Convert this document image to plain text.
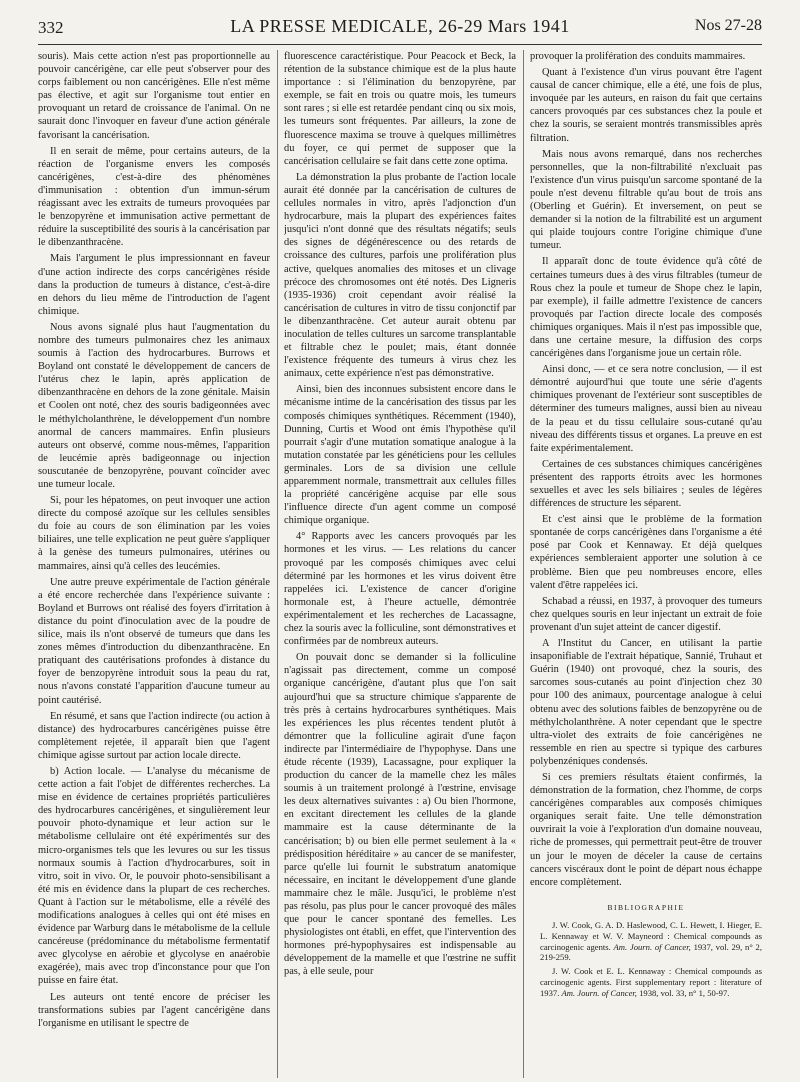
332	LA PRESSE MEDICALE, 26-29 Mars 1941	Nos 27-28

souris). Mais cette action n'est pas proportionnelle au pouvoir cancérigène, car elle peut s'observer pour des corps faiblement ou non cancérigènes. Elle n'est même pas élective, et agit sur l'organisme tout entier en provoquant un retard de croissance de l'animal. On ne saurait donc l'invoquer en faveur d'une action générale favorisant la cancérisation.

Il en serait de même, pour certains auteurs, de la réaction de l'organisme envers les composés cancérigènes, c'est-à-dire des phénomènes d'immunisation : obtention d'un immun-sérum réagissant avec les extraits de tumeurs provoquées par le benzopyrène et immunisation active permettant de réduire la susceptibilité des souris à la cancérisation par le dibenzanthracène.

Mais l'argument le plus impressionnant en faveur d'une action indirecte des corps cancérigènes réside dans la production de tumeurs à distance, c'est-à-dire en dehors du lieu même de l'introduction de l'agent chimique.

Nous avons signalé plus haut l'augmentation du nombre des tumeurs pulmonaires chez les animaux soumis à l'action des hydrocarbures. Burrows et Boyland ont constaté le développement de cancers de l'utérus chez le lapin, après application de dibenzanthracène en dehors de la zone génitale. Maisin et Coolen ont noté, chez des souris badigeonnées avec le méthylcholanthrène, le développement d'un nombre anormal de cancers mammaires. Enfin plusieurs auteurs ont observé, comme nous-mêmes, l'apparition de leucémie après badigeonnage ou injection souscutanée de benzopyrène, pouvant coïncider avec une tumeur locale.

Si, pour les hépatomes, on peut invoquer une action directe du composé azoïque sur les cellules sensibles du foie au cours de son élimination par les voies biliaires, une telle explication ne peut guère s'appliquer à la genèse des tumeurs pulmonaires, utérines ou mammaires, ainsi qu'à celles des leucémies.

Une autre preuve expérimentale de l'action générale a été encore recherchée dans l'expérience suivante : Boyland et Burrows ont réalisé des foyers d'irritation à distance du point d'inoculation avec de la poudre de silice, mais ils n'ont observé de tumeurs que dans les zones mêmes d'introduction du dibenzanthracène. En pratiquant des cautérisations profondes à distance du foyer de benzopyrène introduit sous la peau du rat, nous n'avons constaté l'apparition d'aucune tumeur au point cautérisé.

En résumé, et sans que l'action indirecte (ou action à distance) des hydrocarbures cancérigènes puisse être complètement rejetée, il apparaît bien que l'agent chimique agisse surtout par action locale directe.

b) Action locale. — L'analyse du mécanisme de cette action a fait l'objet de différentes recherches. La mise en évidence de certaines propriétés particulières des hydrocarbures cancérigènes, et singulièrement leur pouvoir photo-dynamique et leur action sur le métabolisme cellulaire ont été expérimentés sur des micro-organismes tels que les levures ou sur les tissus normaux soumis à l'action d'hydrocarbures, soit in vitro, soit in vivo. Or, le pouvoir photo-sensibilisant a été mis en évidence dans la plupart de ces recherches. Quant à l'action sur le métabolisme, elle a révélé des modifications analogues à celles qui ont été mises en évidence par Warburg dans le métabolisme de la cellule cancéreuse (prédominance du métabolisme fermentatif avec glycolyse en aérobie et glycolyse en anaérobie exagérée), mais avec trop d'inconstance pour que l'on puisse en faire état.

Les auteurs ont tenté encore de préciser les transformations subies par l'agent cancérigène dans l'organisme en utilisant le spectre de

fluorescence caractéristique. Pour Peacock et Beck, la rétention de la substance chimique est de la plus haute importance : si l'élimination du benzopyrène, par exemple, se fait en trois ou quatre mois, les tumeurs sont rares ; si elle est retardée pendant cinq ou six mois, les tumeurs sont fréquentes. Par ailleurs, la zone de fluorescence maxima se trouve à quelques millimètres du foyer, ce qui permet de supposer que la cancérisation cellulaire se fait dans cette zone optima.

La démonstration la plus probante de l'action locale aurait été donnée par la cancérisation de cultures de cellules normales in vitro, après l'adjonction d'un hydrocarbure, mais la plupart des expériences faites jusqu'ici n'ont donné que des résultats négatifs; seuls des signes de dégénérescence ou des retards de croissance des cultures, parfois une prolifération plus active, quelques anomalies des mitoses et un clivage précoce des chromosomes ont été notés. Des Ligneris (1935-1936) croit cependant avoir réalisé la cancérisation de cultures in vitro de tissu conjonctif par le dibenzanthracène. Cet auteur aurait obtenu par inoculation de telles cultures un sarcome transplantable et filtrable chez le poulet; mais, étant donnée l'existence fréquente des tumeurs à virus chez les animaux, cette expérience n'est pas démonstrative.

Ainsi, bien des inconnues subsistent encore dans le mécanisme intime de la cancérisation des tissus par les composés chimiques synthétiques. Récemment (1940), Dunning, Curtis et Wood ont émis l'hypothèse qu'il pourrait s'agir d'une mutation somatique analogue à la mutation constatée par les généticiens pour les cellules germinales. Lors de sa division une cellule apparemment normale, transmettrait aux cellules filles la propriété cancérigène acquise par elle sous l'influence directe d'un agent comme un composé chimique organique.

4° Rapports avec les cancers provoqués par les hormones et les virus. — Les relations du cancer provoqué par les composés chimiques avec celui déterminé par les hormones et les virus doivent être rappelées ici. L'existence de cancer d'origine hormonale est, à l'heure actuelle, démontrée expérimentalement et les recherches de Lacassagne, chez la souris avec la folliculine, sont démonstratives et confirmées par de nombreux auteurs.

On pouvait donc se demander si la folliculine n'agissait pas directement, comme un composé organique cancérigène, d'autant plus que l'on sait aujourd'hui que sa structure chimique s'apparente de très près à certains hydrocarbures synthétiques. Mais les expériences les plus récentes tendent plutôt à démontrer que la folliculine agirait d'une façon indirecte par l'intermédiaire de l'hypophyse. Dans une étude récente (1939), Lacassagne, pour expliquer la production du cancer de la mamelle chez les mâles soumis à un traitement prolongé à l'œstrine, envisage les deux alternatives suivantes : a) Ou bien l'hormone, en excitant directement les cellules de la glande mammaire est la cause déterminante de la cancérisation; b) ou bien elle permet seulement à la « prédisposition héréditaire » au cancer de se manifester, parce qu'elle lui fournit le substratum anatomique nécessaire, en incitant le développement d'une glande mammaire chez le mâle. Jusqu'ici, le problème n'est pas résolu, pas plus pour le cancer provoqué des mâles que pour le cancer spontané des femelles. Les physiologistes ont établi, en effet, que l'intervention des hormones pré-hypophysaires est indispensable au développement de la mamelle et que l'œstrine ne suffit pas, à elle seule, pour

provoquer la prolifération des conduits mammaires.

Quant à l'existence d'un virus pouvant être l'agent causal de cancer chimique, elle a été, une fois de plus, invoquée par les auteurs, en raison du fait que certains cancers provoqués par ces substances chez la poule et chez la souris, se seraient montrés transmissibles après filtration.

Mais nous avons remarqué, dans nos recherches personnelles, que la non-filtrabilité n'excluait pas l'existence d'un virus puisqu'un sarcome spontané de la poule n'est devenu filtrable qu'au bout de trois ans (Oberling et Guérin). Et inversement, on peut se demander si la notion de la filtrabilité est un argument qui plaide toujours contre l'origine chimique d'une tumeur.

Il apparaît donc de toute évidence qu'à côté de certaines tumeurs dues à des virus filtrables (tumeur de Rous chez la poule et tumeur de Shope chez le lapin, par exemple), il faille admettre l'existence de cancers provoqués par l'action directe locale des composés chimiques organiques. Mais il n'est pas impossible que, dans une certaine mesure, la diffusion des corps cancérigènes dans l'organisme joue un certain rôle.

Ainsi donc, — et ce sera notre conclusion, — il est démontré aujourd'hui que toute une série d'agents chimiques provenant de l'extérieur sont susceptibles de déterminer des tumeurs malignes, aussi bien au niveau de la peau et du tissu cellulaire sous-cutané qu'au niveau des différents tissus et organes. La preuve en est faite expérimentalement.

Certaines de ces substances chimiques cancérigènes présentent des rapports étroits avec les hormones sexuelles et avec les sels biliaires ; seules de légères différences de structure les séparent.

Et c'est ainsi que le problème de la formation spontanée de corps cancérigènes dans l'organisme a été posé par Cook et Kennaway. Et déjà quelques expériences sembleraient apporter une solution à ce problème. Bien que peu nombreuses encore, elles valent d'être rappelées ici.

Schabad a réussi, en 1937, à provoquer des tumeurs chez quelques souris en leur injectant un extrait de foie provenant d'un sujet atteint de cancer digestif.

A l'Institut du Cancer, en utilisant la partie insaponifiable de l'extrait hépatique, Sannié, Truhaut et Guérin (1940) ont provoqué, chez la souris, des sarcomes sous-cutanés au point d'injection chez 30 pour 100 des animaux, pourcentage analogue à celui obtenu avec des solutions faibles de benzopyrène ou de méthylcholanthrène. A noter cependant que le spectre ultra-violet des extraits de foie cancérigènes ne ressemble en rien au spectre si typique des carbures polybenzéniques condensés.

Si ces premiers résultats étaient confirmés, la démonstration de la formation, chez l'homme, de corps cancérigènes comparables aux composés chimiques organiques serait faite. Une telle démonstration ouvrirait la voie à l'exploration d'un domaine nouveau, riche de promesses, qui permettrait peut-être de trouver un jour le moyen de déceler la cause de certains cancers viscéraux dont le point de départ nous échappe encore complètement.

BIBLIOGRAPHIE

J. W. Cook, G. A. D. Haslewood, C. L. Hewett, I. Hieger, E. L. Kennaway et W. V. Mayneord : Chemical compounds as carcinogenic agents. Am. Journ. of Cancer, 1937, vol. 29, n° 2, 219-259.

J. W. Cook et E. L. Kennaway : Chemical compounds as carcinogenic agents. First supplementary report : literature of 1937. Am. Journ. of Cancer, 1938, vol. 33, n° 1, 50-97.
